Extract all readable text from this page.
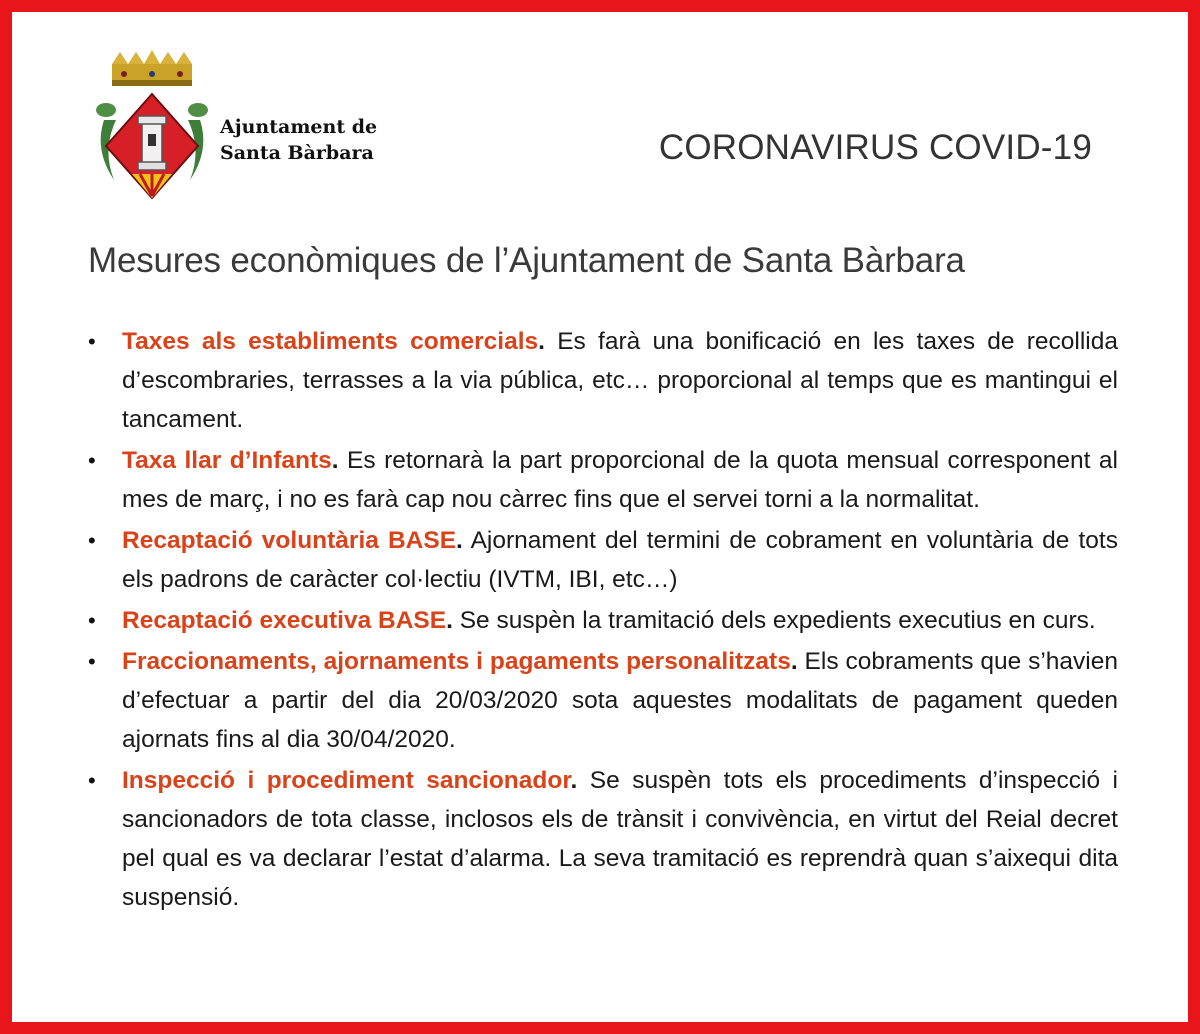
Ajuntament de
Santa Bàrbara	CORONAVIRUS COVID-19
Mesures econòmiques de l’Ajuntament de Santa Bàrbara
• Taxes als establiments comercials. Es farà una bonificació en les taxes de recollida d’escombraries, terrasses a la via pública, etc… proporcional al temps que es mantingui el tancament.
• Taxa llar d’Infants. Es retornarà la part proporcional de la quota mensual corresponent al mes de març, i no es farà cap nou càrrec fins que el servei torni a la normalitat.
• Recaptació voluntària BASE. Ajornament del termini de cobrament en voluntària de tots els padrons de caràcter col·lectiu (IVTM, IBI, etc…)
• Recaptació executiva BASE. Se suspèn la tramitació dels expedients executius en curs.
• Fraccionaments, ajornaments i pagaments personalitzats. Els cobraments que s’havien d’efectuar a partir del dia 20/03/2020 sota aquestes modalitats de pagament queden ajornats fins al dia 30/04/2020.
• Inspecció i procediment sancionador. Se suspèn tots els procediments d’inspecció i sancionadors de tota classe, inclosos els de trànsit i convivència, en virtut del Reial decret pel qual es va declarar l’estat d’alarma. La seva tramitació es reprendrà quan s’aixequi dita suspensió.
